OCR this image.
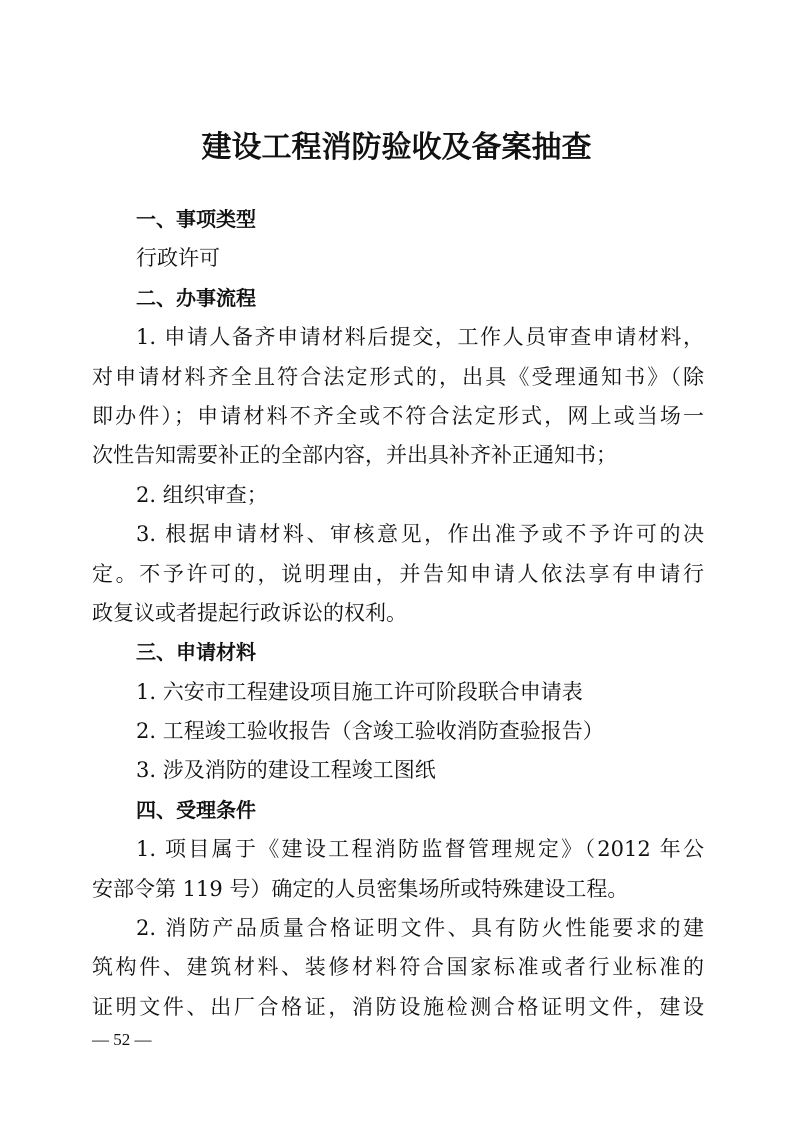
建设工程消防验收及备案抽查
一、事项类型
行政许可
二、办事流程
1. 申请人备齐申请材料后提交，工作人员审查申请材料，
对申请材料齐全且符合法定形式的，出具《受理通知书》（除
即办件）；申请材料不齐全或不符合法定形式，网上或当场一
次性告知需要补正的全部内容，并出具补齐补正通知书；
2. 组织审查；
3. 根据申请材料、审核意见，作出准予或不予许可的决
定。不予许可的，说明理由，并告知申请人依法享有申请行
政复议或者提起行政诉讼的权利。
三、申请材料
1. 六安市工程建设项目施工许可阶段联合申请表
2. 工程竣工验收报告（含竣工验收消防查验报告）
3. 涉及消防的建设工程竣工图纸
四、受理条件
1. 项目属于《建设工程消防监督管理规定》（2012 年公
安部令第 119 号）确定的人员密集场所或特殊建设工程。
2. 消防产品质量合格证明文件、具有防火性能要求的建
筑构件、建筑材料、装修材料符合国家标准或者行业标准的
证明文件、出厂合格证，消防设施检测合格证明文件，建设
— 52 —
